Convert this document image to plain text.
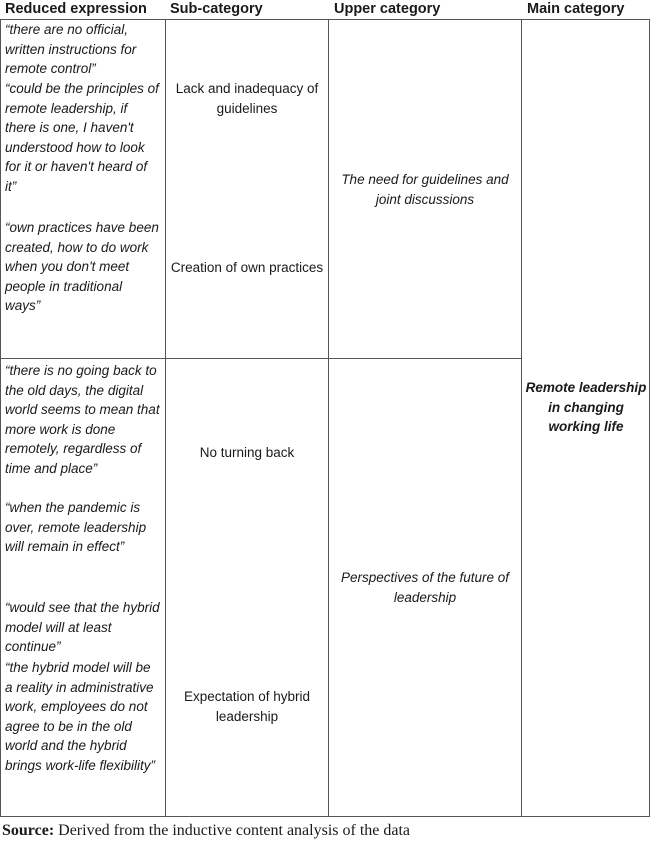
Reduced expression Sub-category	Upper category	Main category

“there are no official, written instructions for remote control”

“could be the principles of remote leadership, if there is one, I haven't understood how to look for it or haven't heard of it”

“own practices have been created, how to do work when you don't meet people in traditional ways”

“there is no going back to the old days, the digital world seems to mean that more work is done remotely, regardless of time and place”

“when the pandemic is over, remote leadership will remain in effect”

“would see that the hybrid model will at least continue”

“the hybrid model will be a reality in administrative work, employees do not agree to be in the old world and the hybrid brings work-life flexibility”

Lack and inadequacy of guidelines

Creation of own practices

No turning back

Expectation of hybrid leadership

The need for guidelines and joint discussions

Perspectives of the future of leadership

Remote leadership in changing working life

Source: Derived from the inductive content analysis of the data
